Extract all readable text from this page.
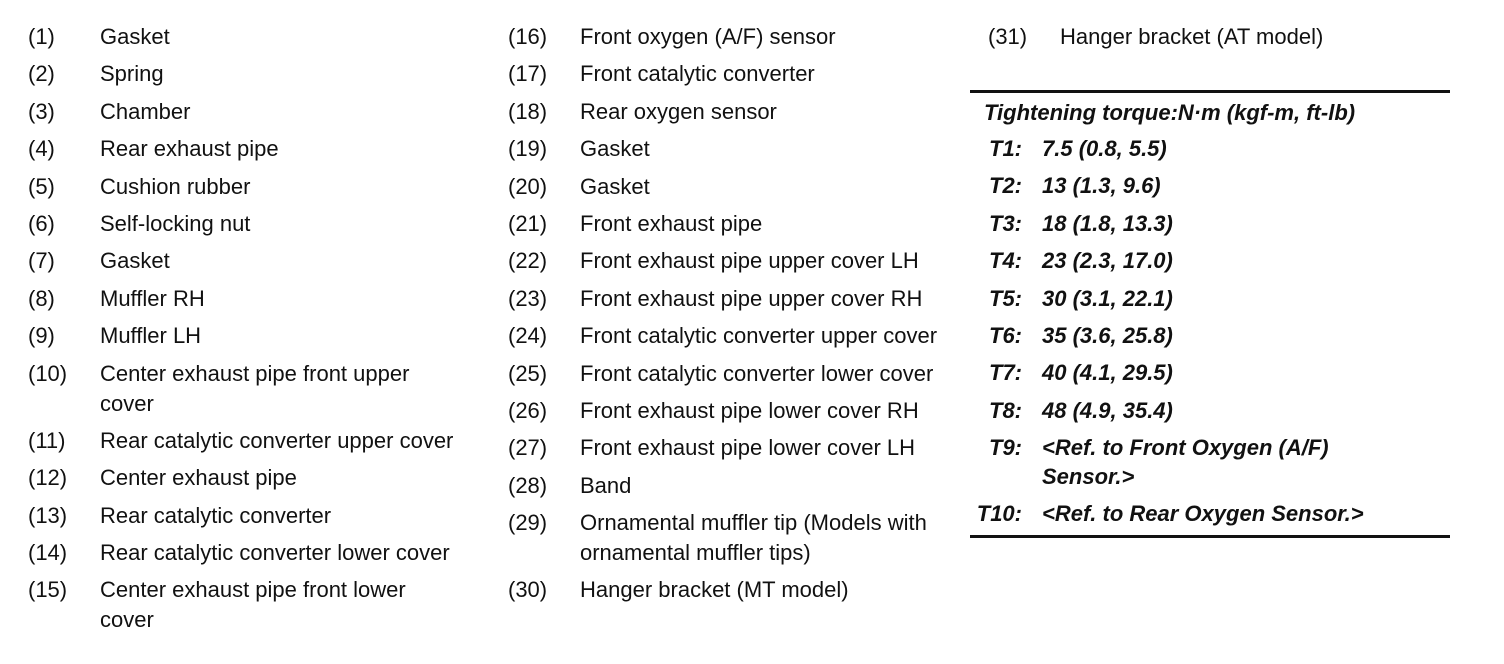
(1)	Gasket
(2)	Spring
(3)	Chamber
(4)	Rear exhaust pipe
(5)	Cushion rubber
(6)	Self-locking nut
(7)	Gasket
(8)	Muffler RH
(9)	Muffler LH
(10)	Center exhaust pipe front upper cover
(11)	Rear catalytic converter upper cover
(12)	Center exhaust pipe
(13)	Rear catalytic converter
(14)	Rear catalytic converter lower cover
(15)	Center exhaust pipe front lower cover
(16)	Front oxygen (A/F) sensor
(17)	Front catalytic converter
(18)	Rear oxygen sensor
(19)	Gasket
(20)	Gasket
(21)	Front exhaust pipe
(22)	Front exhaust pipe upper cover LH
(23)	Front exhaust pipe upper cover RH
(24)	Front catalytic converter upper cover
(25)	Front catalytic converter lower cover
(26)	Front exhaust pipe lower cover RH
(27)	Front exhaust pipe lower cover LH
(28)	Band
(29)	Ornamental muffler tip (Models with ornamental muffler tips)
(30)	Hanger bracket (MT model)
(31)	Hanger bracket (AT model)
Tightening torque:N·m (kgf-m, ft-lb)
T1: 7.5 (0.8, 5.5)
T2: 13 (1.3, 9.6)
T3: 18 (1.8, 13.3)
T4: 23 (2.3, 17.0)
T5: 30 (3.1, 22.1)
T6: 35 (3.6, 25.8)
T7: 40 (4.1, 29.5)
T8: 48 (4.9, 35.4)
T9: <Ref. to Front Oxygen (A/F) Sensor.>
T10: <Ref. to Rear Oxygen Sensor.>
